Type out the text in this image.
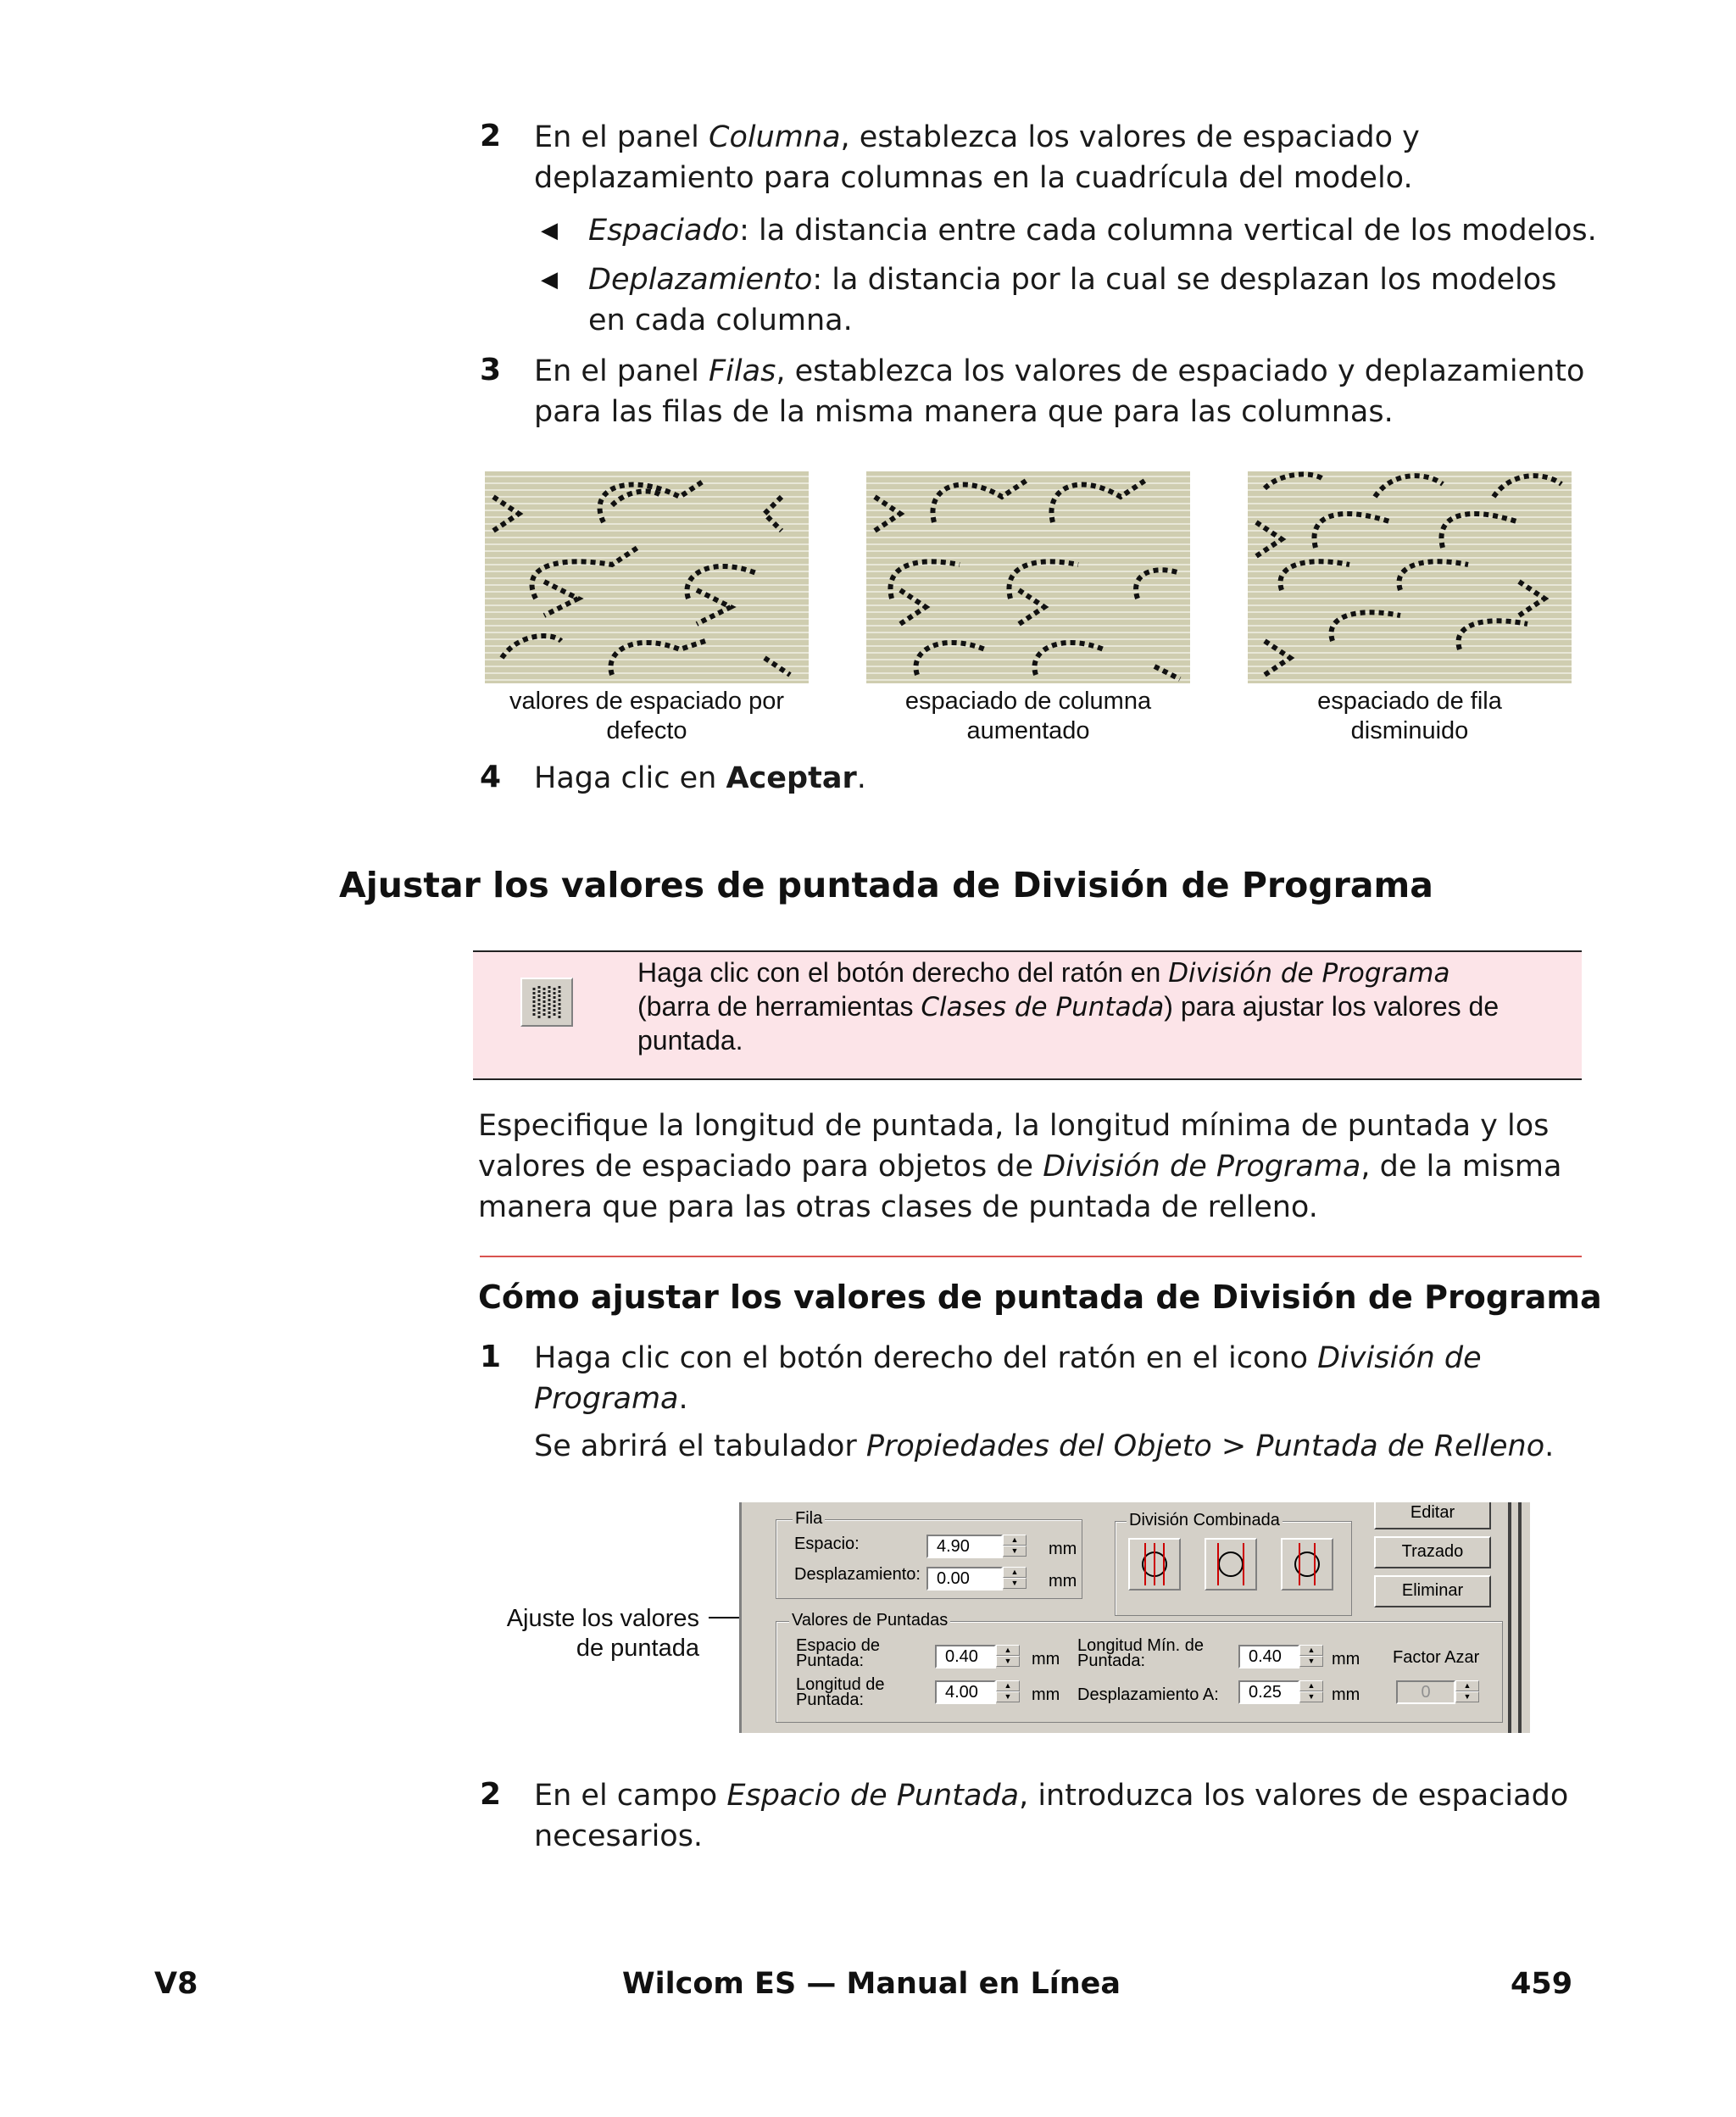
2 En el panel Columna, establezca los valores de espaciado y
deplazamiento para columnas en la cuadrícula del modelo.
◀ Espaciado: la distancia entre cada columna vertical de los modelos.
◀ Deplazamiento: la distancia por la cual se desplazan los modelos
en cada columna.
3 En el panel Filas, establezca los valores de espaciado y deplazamiento
para las filas de la misma manera que para las columnas.
valores de espaciado por
defecto
espaciado de columna
aumentado
espaciado de fila
disminuido
4 Haga clic en Aceptar.
Ajustar los valores de puntada de División de Programa
Haga clic con el botón derecho del ratón en División de Programa
(barra de herramientas Clases de Puntada) para ajustar los valores de
puntada.
Especifique la longitud de puntada, la longitud mínima de puntada y los
valores de espaciado para objetos de División de Programa, de la misma
manera que para las otras clases de puntada de relleno.
Cómo ajustar los valores de puntada de División de Programa
1 Haga clic con el botón derecho del ratón en el icono División de
Programa.
Se abrirá el tabulador Propiedades del Objeto > Puntada de Relleno.
Ajuste los valores
de puntada
Fila
Espacio:	4.90	▲
▼	mm
Desplazamiento: 0.00	▲
▼	mm
División Combinada	Editar
Trazado
Eliminar
Valores de Puntadas
Espacio de
Puntada:	0.40	▲
▼	mm
Longitud de
Puntada:	4.00	▲
▼	mm
Longitud Mín. de
Puntada:	0.40	▲
▼ mm
Desplazamiento A:	0.25	▲
▼ mm
Factor Azar
0	▲
▼
2 En el campo Espacio de Puntada, introduzca los valores de espaciado
necesarios.
V8	Wilcom ES — Manual en Línea	459
